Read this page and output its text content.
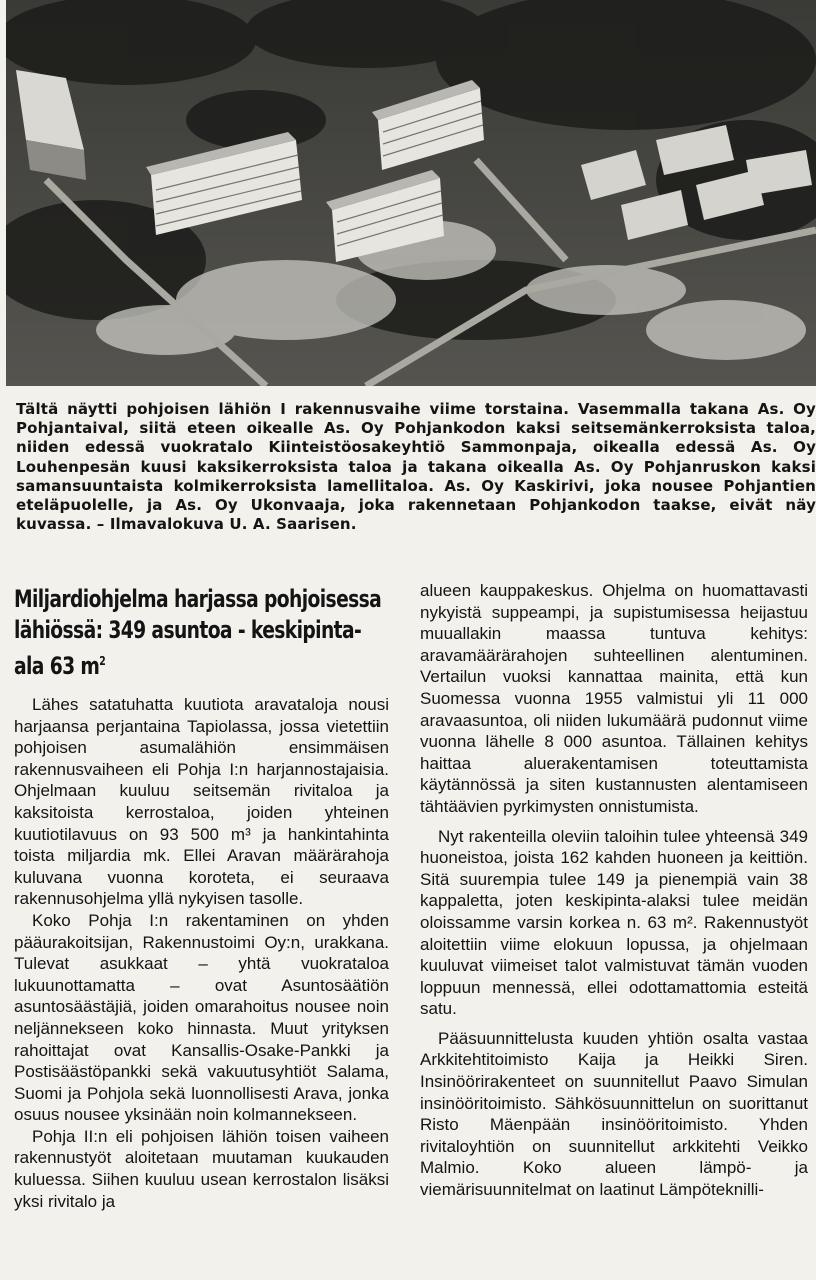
Tältä näytti pohjoisen lähiön I rakennusvaihe viime torstaina. Vasemmalla takana As. Oy Pohjantaival, siitä eteen oikealle As. Oy Pohjankodon kaksi seitsemänkerroksista taloa, niiden edessä vuokratalo Kiinteistöosakeyhtiö Sammonpaja, oikealla edessä As. Oy Louhenpesän kuusi kaksikerroksista taloa ja takana oikealla As. Oy Pohjanruskon kaksi samansuuntaista kolmikerroksista lamellitaloa. As. Oy Kaskirivi, joka nousee Pohjantien eteläpuolelle, ja As. Oy Ukonvaaja, joka rakennetaan Pohjankodon taakse, eivät näy kuvassa. – Ilmavalokuva U. A. Saarisen.

Miljardiohjelma harjassa pohjoisessa lähiössä: 349 asuntoa - keskipinta-ala 63 $m^2$

Lähes satatuhatta kuutiota aravataloja nousi harjaansa perjantaina Tapiolassa, jossa vietettiin pohjoisen asumalähiön ensimmäisen rakennusvaiheen eli Pohja I:n harjannostajaisia. Ohjelmaan kuuluu seitsemän rivitaloa ja kaksitoista kerrostaloa, joiden yhteinen kuutiotilavuus on 93 500 m³ ja hankintahinta toista miljardia mk. Ellei Aravan määrärahoja kuluvana vuonna koroteta, ei seuraava rakennusohjelma yllä nykyisen tasolle.

Koko Pohja I:n rakentaminen on yhden pääurakoitsijan, Rakennustoimi Oy:n, urakkana. Tulevat asukkaat – yhtä vuokrataloa lukuunottamatta – ovat Asuntosäätiön asuntosäästäjiä, joiden omarahoitus nousee noin neljännekseen koko hinnasta. Muut yrityksen rahoittajat ovat Kansallis-Osake-Pankki ja Postisäästöpankki sekä vakuutusyhtiöt Salama, Suomi ja Pohjola sekä luonnollisesti Arava, jonka osuus nousee yksinään noin kolmannekseen.

Pohja II:n eli pohjoisen lähiön toisen vaiheen rakennustyöt aloitetaan muutaman kuukauden kuluessa. Siihen kuuluu usean kerrostalon lisäksi yksi rivitalo ja

alueen kauppakeskus. Ohjelma on huomattavasti nykyistä suppeampi, ja supistumisessa heijastuu muuallakin maassa tuntuva kehitys: aravamäärärahojen suhteellinen alentuminen. Vertailun vuoksi kannattaa mainita, että kun Suomessa vuonna 1955 valmistui yli 11 000 aravaasuntoa, oli niiden lukumäärä pudonnut viime vuonna lähelle 8 000 asuntoa. Tällainen kehitys haittaa aluerakentamisen toteuttamista käytännössä ja siten kustannusten alentamiseen tähtäävien pyrkimysten onnistumista.

Nyt rakenteilla oleviin taloihin tulee yhteensä 349 huoneistoa, joista 162 kahden huoneen ja keittiön. Sitä suurempia tulee 149 ja pienempiä vain 38 kappaletta, joten keskipinta-alaksi tulee meidän oloissamme varsin korkea n. 63 m². Rakennustyöt aloitettiin viime elokuun lopussa, ja ohjelmaan kuuluvat viimeiset talot valmistuvat tämän vuoden loppuun mennessä, ellei odottamattomia esteitä satu.

Pääsuunnittelusta kuuden yhtiön osalta vastaa Arkkitehtitoimisto Kaija ja Heikki Siren. Insinöörirakenteet on suunnitellut Paavo Simulan insinööritoimisto. Sähkösuunnittelun on suorittanut Risto Mäenpään insinööritoimisto. Yhden rivitaloyhtiön on suunnitellut arkkitehti Veikko Malmio. Koko alueen lämpö- ja viemärisuunnitelmat on laatinut Lämpöteknilli-
